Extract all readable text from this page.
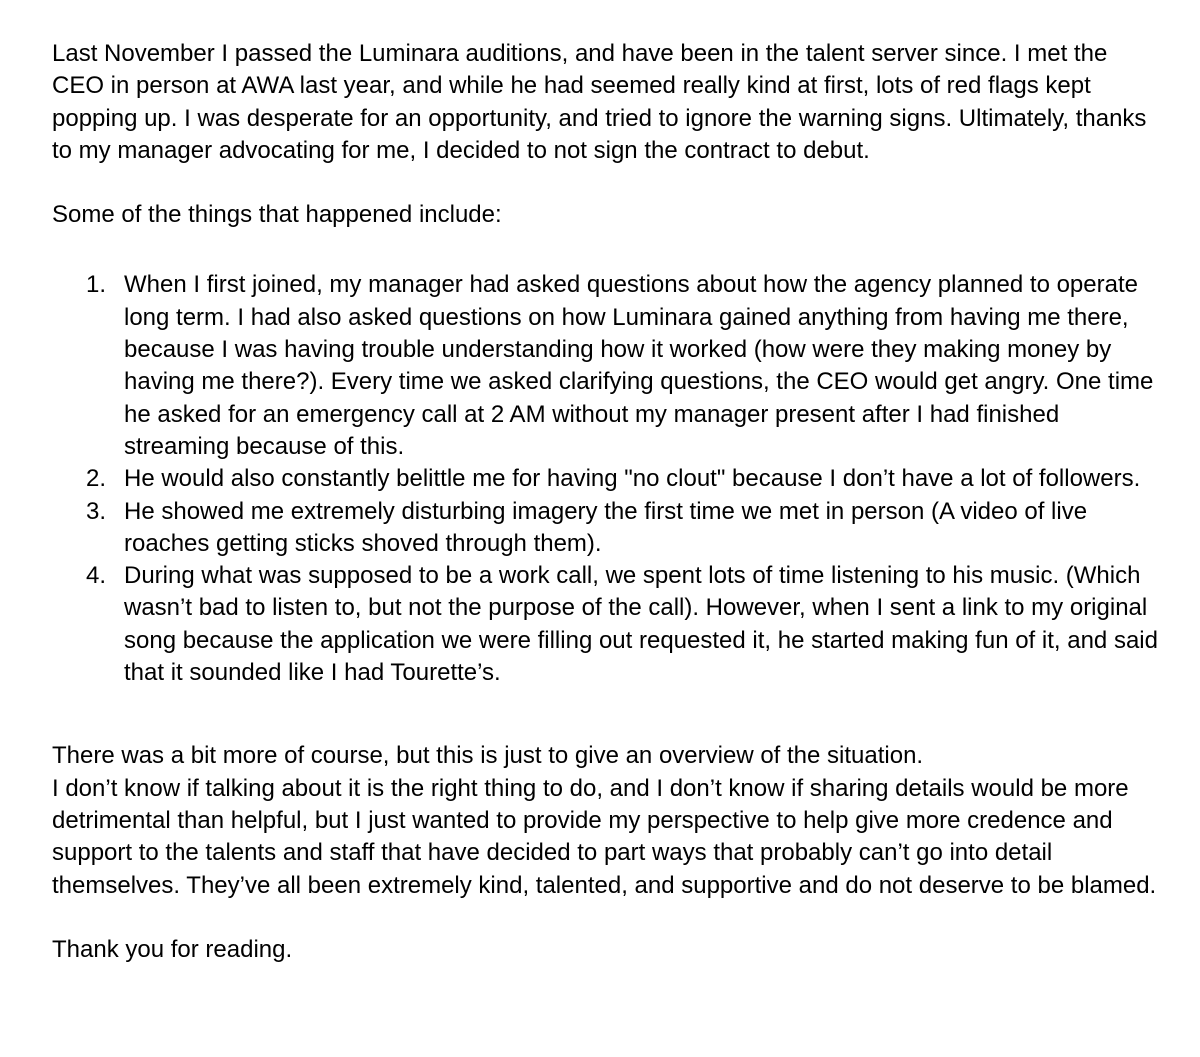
Last November I passed the Luminara auditions, and have been in the talent server since. I met the CEO in person at AWA last year, and while he had seemed really kind at first, lots of red flags kept popping up. I was desperate for an opportunity, and tried to ignore the warning signs. Ultimately, thanks to my manager advocating for me, I decided to not sign the contract to debut.

Some of the things that happened include:

1. When I first joined, my manager had asked questions about how the agency planned to operate long term. I had also asked questions on how Luminara gained anything from having me there, because I was having trouble understanding how it worked (how were they making money by having me there?). Every time we asked clarifying questions, the CEO would get angry. One time he asked for an emergency call at 2 AM without my manager present after I had finished streaming because of this.
2. He would also constantly belittle me for having "no clout" because I don’t have a lot of followers.
3. He showed me extremely disturbing imagery the first time we met in person (A video of live roaches getting sticks shoved through them).
4. During what was supposed to be a work call, we spent lots of time listening to his music. (Which wasn’t bad to listen to, but not the purpose of the call). However, when I sent a link to my original song because the application we were filling out requested it, he started making fun of it, and said that it sounded like I had Tourette’s.

There was a bit more of course, but this is just to give an overview of the situation.

I don’t know if talking about it is the right thing to do, and I don’t know if sharing details would be more detrimental than helpful, but I just wanted to provide my perspective to help give more credence and support to the talents and staff that have decided to part ways that probably can’t go into detail themselves. They’ve all been extremely kind, talented, and supportive and do not deserve to be blamed.

Thank you for reading.
